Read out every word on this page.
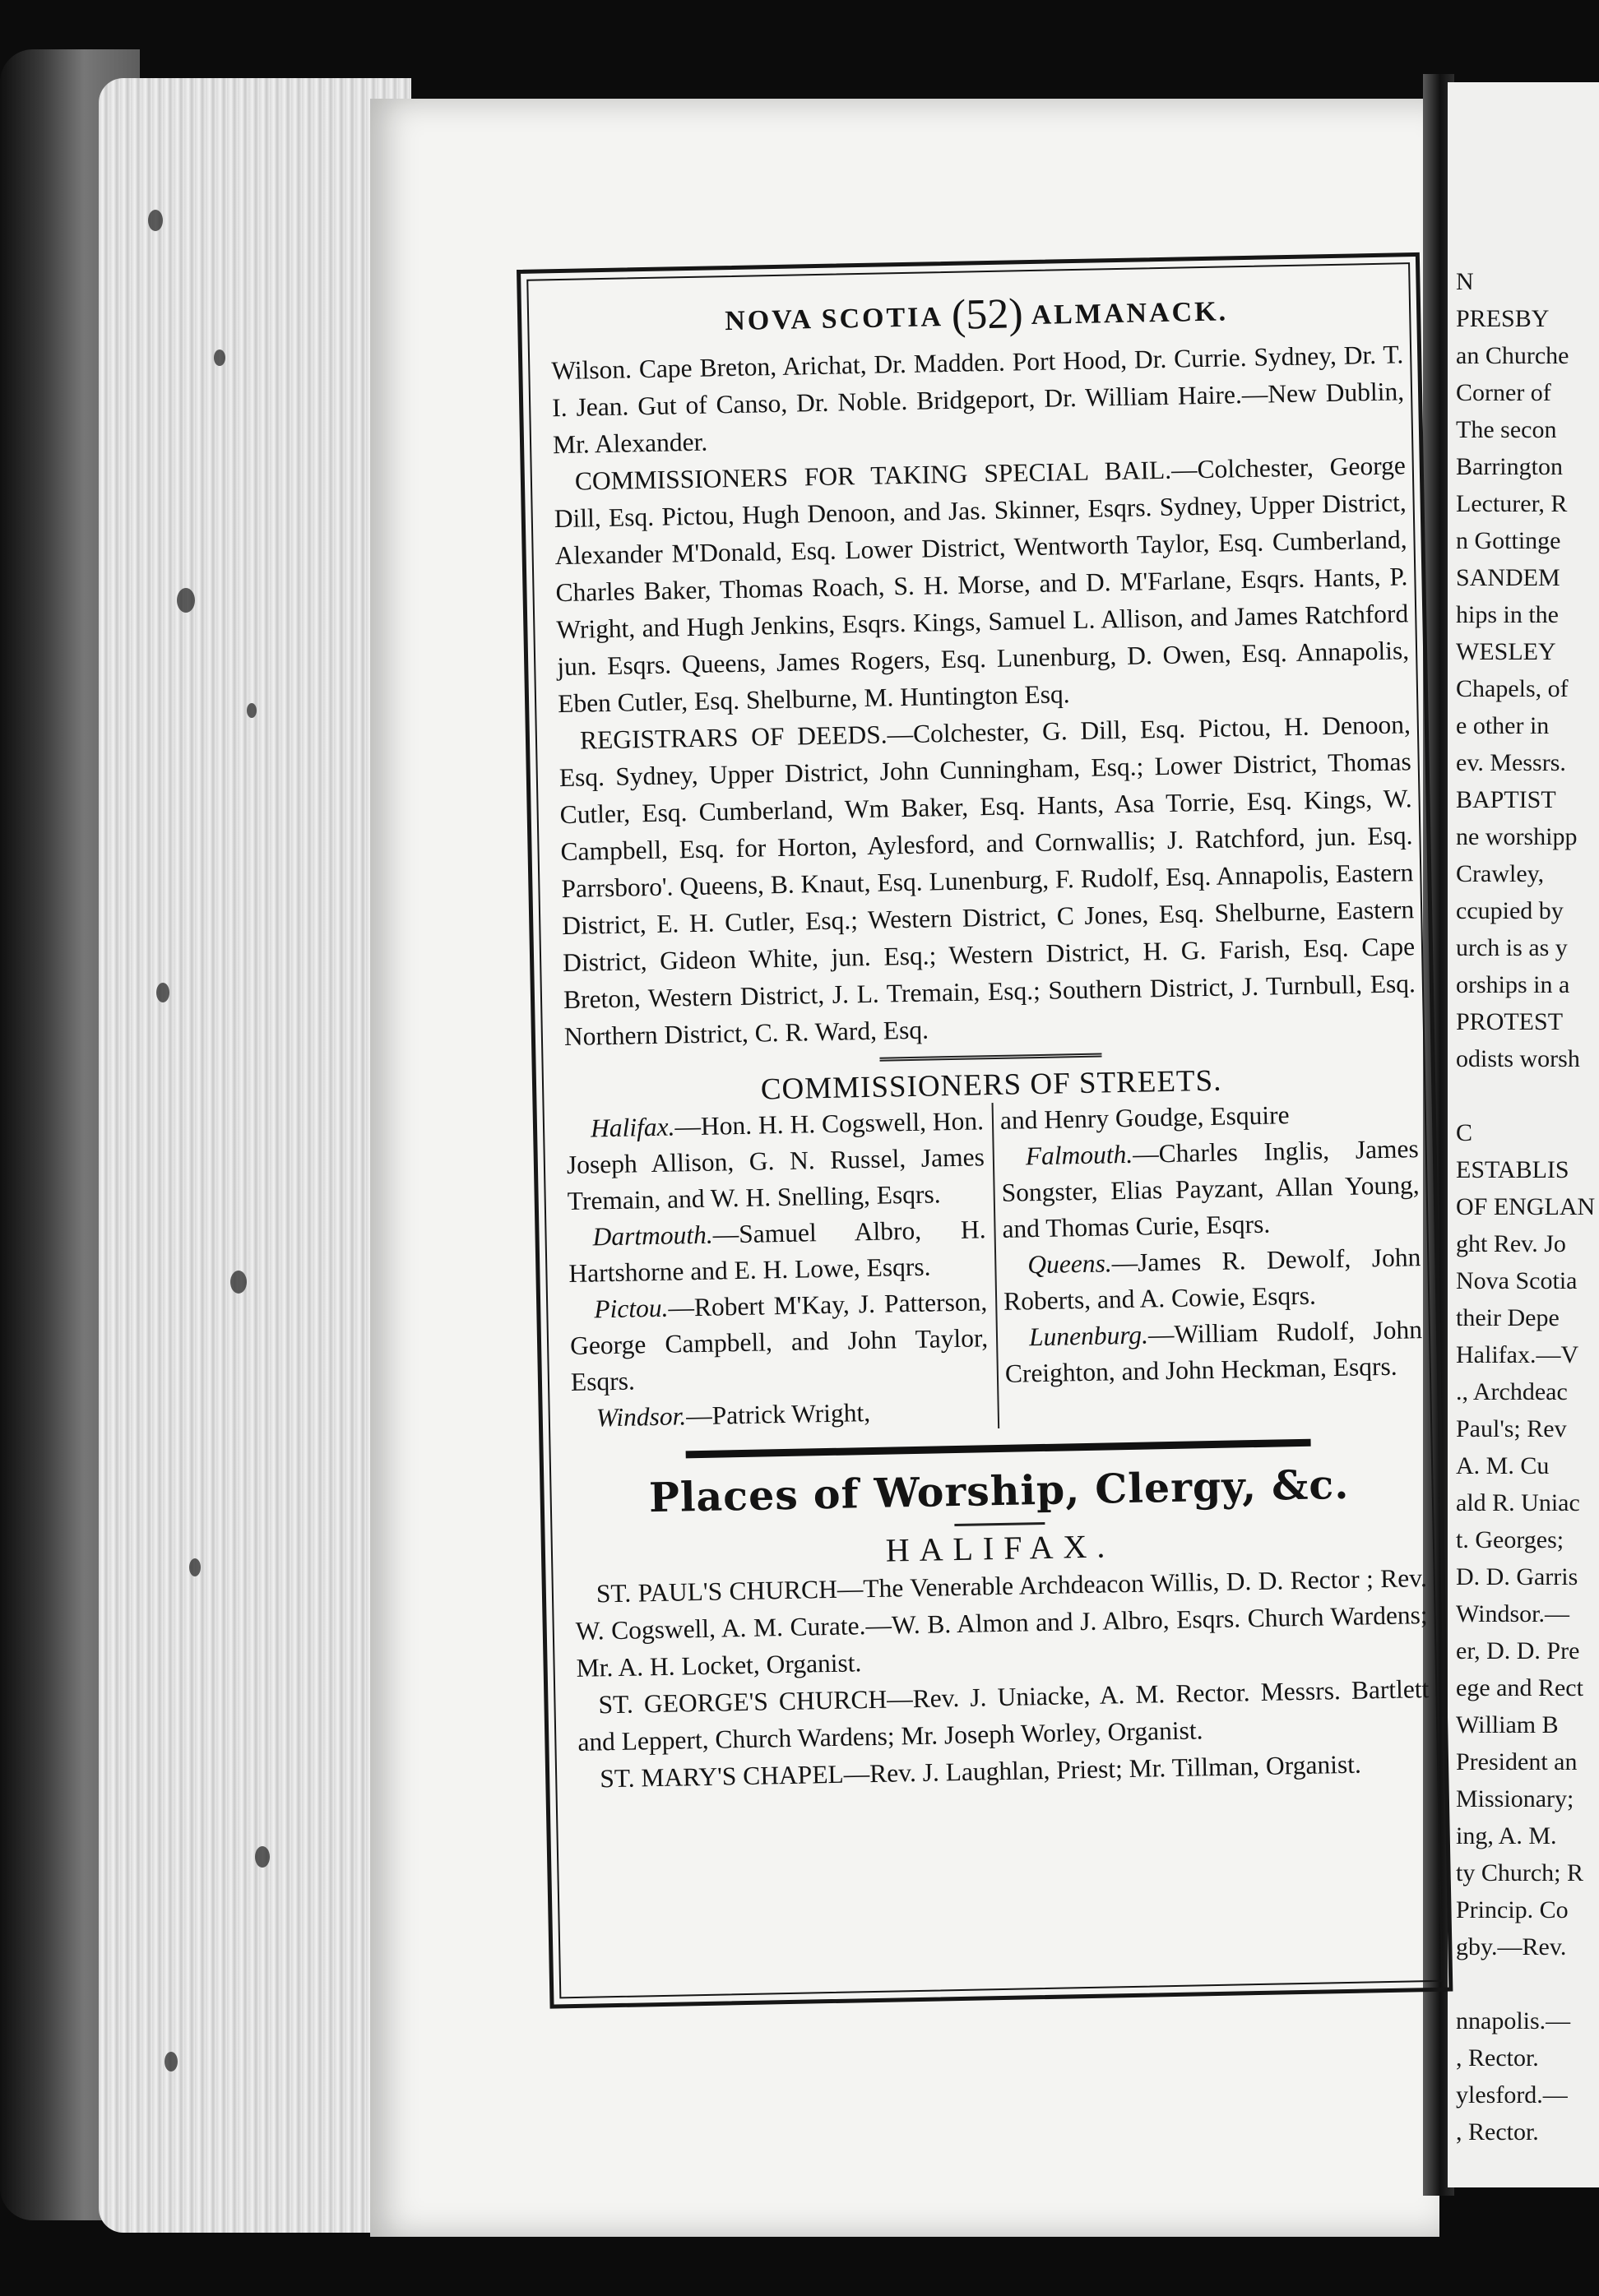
N
PRESBY
an Churche
Corner of
The secon
Barrington
Lecturer, R
n Gottinge
SANDEM
hips in the
WESLEY
Chapels, of
e other in
ev. Messrs.
BAPTIST
ne worshipp
Crawley,
ccupied by
urch is as y
orships in a
PROTEST
odists worsh

C
ESTABLIS
OF ENGLAN
ght Rev. Jo
Nova Scotia
their Depe
Halifax.—V
., Archdeac
Paul's; Rev
A. M. Cu
ald R. Uniac
t. Georges;
D. D. Garris
Windsor.—
er, D. D. Pre
ege and Rect
William B
President an
Missionary;
ing, A. M.
ty Church; R
Princip. Co
gby.—Rev.

nnapolis.—
, Rector.
ylesford.—
, Rector.
NOVA SCOTIA (52) ALMANACK.

Wilson. Cape Breton, Arichat, Dr. Madden. Port Hood, Dr. Currie. Sydney, Dr. T. I. Jean. Gut of Canso, Dr. Noble. Bridgeport, Dr. William Haire.—New Dublin, Mr. Alexander.

COMMISSIONERS FOR TAKING SPECIAL BAIL.—Colchester, George Dill, Esq. Pictou, Hugh Denoon, and Jas. Skinner, Esqrs. Sydney, Upper District, Alexander M'Donald, Esq. Lower District, Wentworth Taylor, Esq. Cumberland, Charles Baker, Thomas Roach, S. H. Morse, and D. M'Farlane, Esqrs. Hants, P. Wright, and Hugh Jenkins, Esqrs. Kings, Samuel L. Allison, and James Ratchford jun. Esqrs. Queens, James Rogers, Esq. Lunenburg, D. Owen, Esq. Annapolis, Eben Cutler, Esq. Shelburne, M. Huntington Esq.

REGISTRARS OF DEEDS.—Colchester, G. Dill, Esq. Pictou, H. Denoon, Esq. Sydney, Upper District, John Cunningham, Esq.; Lower District, Thomas Cutler, Esq. Cumberland, Wm Baker, Esq. Hants, Asa Torrie, Esq. Kings, W. Campbell, Esq. for Horton, Aylesford, and Cornwallis; J. Ratchford, jun. Esq. Parrsboro'. Queens, B. Knaut, Esq. Lunenburg, F. Rudolf, Esq. Annapolis, Eastern District, E. H. Cutler, Esq.; Western District, C Jones, Esq. Shelburne, Eastern District, Gideon White, jun. Esq.; Western District, H. G. Farish, Esq. Cape Breton, Western District, J. L. Tremain, Esq.; Southern District, J. Turnbull, Esq. Northern District, C. R. Ward, Esq.

COMMISSIONERS OF STREETS.

Halifax.—Hon. H. H. Cogswell, Hon. Joseph Allison, G. N. Russel, James Tremain, and W. H. Snelling, Esqrs.

Dartmouth.—Samuel Albro, H. Hartshorne and E. H. Lowe, Esqrs.

Pictou.—Robert M'Kay, J. Patterson, George Campbell, and John Taylor, Esqrs.

Windsor.—Patrick Wright,

and Henry Goudge, Esquire

Falmouth.—Charles Inglis, James Songster, Elias Payzant, Allan Young, and Thomas Curie, Esqrs.

Queens.—James R. Dewolf, John Roberts, and A. Cowie, Esqrs.

Lunenburg.—William Rudolf, John Creighton, and John Heckman, Esqrs.

Places of Worship, Clergy, &c.

HALIFAX.

ST. PAUL'S CHURCH—The Venerable Archdeacon Willis, D. D. Rector ; Rev. W. Cogswell, A. M. Curate.—W. B. Almon and J. Albro, Esqrs. Church Wardens; Mr. A. H. Locket, Organist.

ST. GEORGE'S CHURCH—Rev. J. Uniacke, A. M. Rector. Messrs. Bartlett and Leppert, Church Wardens; Mr. Joseph Worley, Organist.

ST. MARY'S CHAPEL—Rev. J. Laughlan, Priest; Mr. Tillman, Organist.
